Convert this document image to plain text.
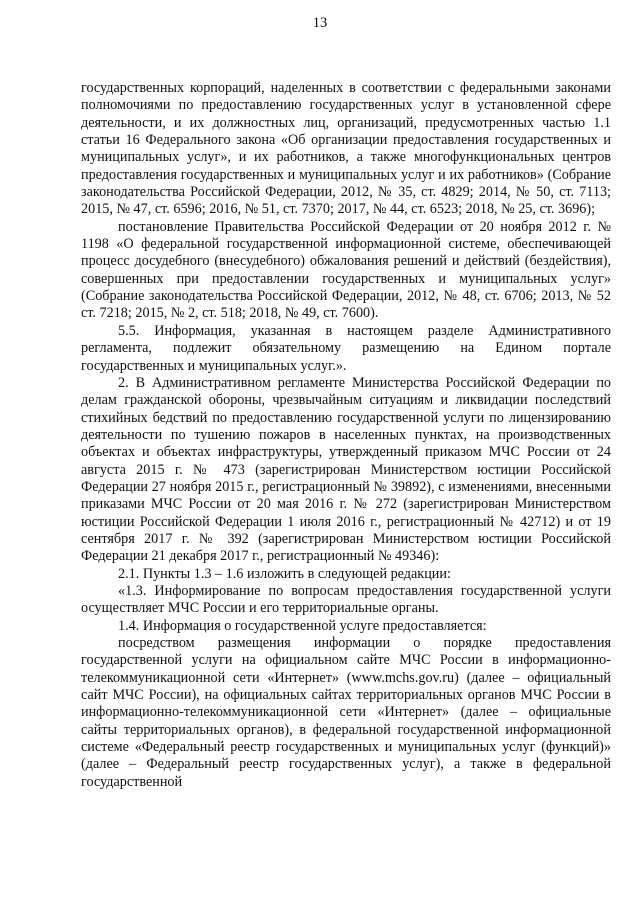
13

государственных корпораций, наделенных в соответствии с федеральными законами полномочиями по предоставлению государственных услуг в установленной сфере деятельности, и их должностных лиц, организаций, предусмотренных частью 1.1 статьи 16 Федерального закона «Об организации предоставления государственных и муниципальных услуг», и их работников, а также многофункциональных центров предоставления государственных и муниципальных услуг и их работников» (Собрание законодательства Российской Федерации, 2012, № 35, ст. 4829; 2014, № 50, ст. 7113; 2015, № 47, ст. 6596; 2016, № 51, ст. 7370; 2017, № 44, ст. 6523; 2018, № 25, ст. 3696);

постановление Правительства Российской Федерации от 20 ноября 2012 г. № 1198 «О федеральной государственной информационной системе, обеспечивающей процесс досудебного (внесудебного) обжалования решений и действий (бездействия), совершенных при предоставлении государственных и муниципальных услуг» (Собрание законодательства Российской Федерации, 2012, № 48, ст. 6706; 2013, № 52 ст. 7218; 2015, № 2, ст. 518; 2018, № 49, ст. 7600).

5.5. Информация, указанная в настоящем разделе Административного регламента, подлежит обязательному размещению на Едином портале государственных и муниципальных услуг.».

2. В Административном регламенте Министерства Российской Федерации по делам гражданской обороны, чрезвычайным ситуациям и ликвидации последствий стихийных бедствий по предоставлению государственной услуги по лицензированию деятельности по тушению пожаров в населенных пунктах, на производственных объектах и объектах инфраструктуры, утвержденный приказом МЧС России от 24 августа 2015 г. № 473 (зарегистрирован Министерством юстиции Российской Федерации 27 ноября 2015 г., регистрационный № 39892), с изменениями, внесенными приказами МЧС России от 20 мая 2016 г. № 272 (зарегистрирован Министерством юстиции Российской Федерации 1 июля 2016 г., регистрационный № 42712) и от 19 сентября 2017 г. № 392 (зарегистрирован Министерством юстиции Российской Федерации 21 декабря 2017 г., регистрационный № 49346):

2.1. Пункты 1.3 – 1.6 изложить в следующей редакции:

«1.3. Информирование по вопросам предоставления государственной услуги осуществляет МЧС России и его территориальные органы.

1.4. Информация о государственной услуге предоставляется:

посредством размещения информации о порядке предоставления государственной услуги на официальном сайте МЧС России в информационно-телекоммуникационной сети «Интернет» (www.mchs.gov.ru) (далее – официальный сайт МЧС России), на официальных сайтах территориальных органов МЧС России в информационно-телекоммуникационной сети «Интернет» (далее – официальные сайты территориальных органов), в федеральной государственной информационной системе «Федеральный реестр государственных и муниципальных услуг (функций)» (далее – Федеральный реестр государственных услуг), а также в федеральной государственной
